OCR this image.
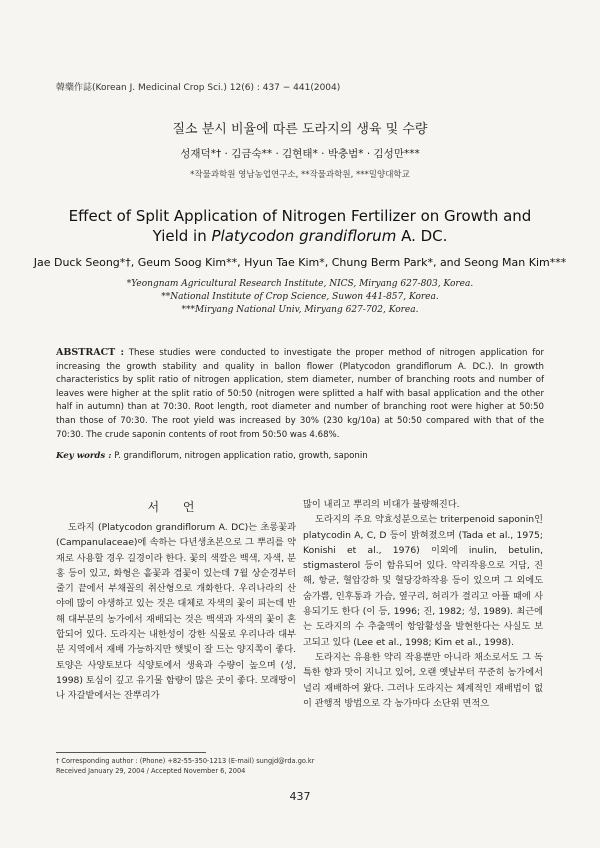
韓藥作誌(Korean J. Medicinal Crop Sci.) 12(6) : 437 − 441(2004)
질소 분시 비율에 따른 도라지의 생육 및 수량
성재덕*† · 김금숙** · 김현태* · 박충범* · 김성만***
*작물과학원 영남농업연구소, **작물과학원, ***밀양대학교
Effect of Split Application of Nitrogen Fertilizer on Growth and
Yield in Platycodon grandiflorum A. DC.
Jae Duck Seong*†, Geum Soog Kim**, Hyun Tae Kim*, Chung Berm Park*, and Seong Man Kim***
*Yeongnam Agricultural Research Institute, NICS, Miryang 627-803, Korea.
**National Institute of Crop Science, Suwon 441-857, Korea.
***Miryang National Univ, Miryang 627-702, Korea.
ABSTRACT : These studies were conducted to investigate the proper method of nitrogen application for increasing the growth stability and quality in ballon flower (Platycodon grandiflorum A. DC.). In growth characteristics by split ratio of nitrogen application, stem diameter, number of branching roots and number of leaves were higher at the split ratio of 50:50 (nitrogen were splitted a half with basal application and the other half in autumn) than at 70:30. Root length, root diameter and number of branching root were higher at 50:50 than those of 70:30. The root yield was increased by 30% (230 kg/10a) at 50:50 compared with that of the 70:30. The crude saponin contents of root from 50:50 was 4.68%.
Key words : P. grandiflorum, nitrogen application ratio, growth, saponin
서 언

도라지 (Platycodon grandiflorum A. DC)는 초롱꽃과 (Campanulaceae)에 속하는 다년생초본으로 그 뿌리를 약재로 사용할 경우 길경이라 한다. 꽃의 색깔은 백색, 자색, 분홍 등이 있고, 화형은 홑꽃과 겹꽃이 있는데 7월 상순경부터 줄기 끝에서 부채꼴의 취산형으로 개화한다. 우리나라의 산야에 많이 야생하고 있는 것은 대체로 자색의 꽃이 피는데 반해 대부분의 농가에서 재배되는 것은 백색과 자색의 꽃이 혼합되어 있다. 도라지는 내한성이 강한 식물로 우리나라 대부분 지역에서 재배 가능하지만 햇빛이 잘 드는 양지쪽이 좋다. 토양은 사양토보다 식양토에서 생육과 수량이 높으며 (성, 1998) 토심이 깊고 유기물 함량이 많은 곳이 좋다. 모래땅이나 자갈밭에서는 잔뿌리가

많이 내리고 뿌리의 비대가 불량해진다.

도라지의 주요 약효성분으로는 triterpenoid saponin인 platycodin A, C, D 등이 밝혀졌으며 (Tada et al., 1975; Konishi et al., 1976) 이외에 inulin, betulin, stigmasterol 등이 함유되어 있다. 약리작용으로 거담, 진해, 항균, 혈압강하 및 혈당강하작용 등이 있으며 그 외에도 숨가쁨, 인후통과 가슴, 옆구리, 허리가 결리고 아플 때에 사용되기도 한다 (이 등, 1996; 진, 1982; 성, 1989). 최근에는 도라지의 수 추출액이 항암활성을 발현한다는 사실도 보고되고 있다 (Lee et al., 1998; Kim et al., 1998).

도라지는 유용한 약리 작용뿐만 아니라 채소로서도 그 독특한 향과 맛이 지니고 있어, 오랜 옛날부터 꾸준히 농가에서 널리 재배하여 왔다. 그러나 도라지는 체계적인 재배법이 없이 관행적 방법으로 각 농가마다 소단위 면적으

† Corresponding author : (Phone) +82-55-350-1213 (E-mail) sungjd@rda.go.kr
Received January 29, 2004 / Accepted November 6, 2004
437
